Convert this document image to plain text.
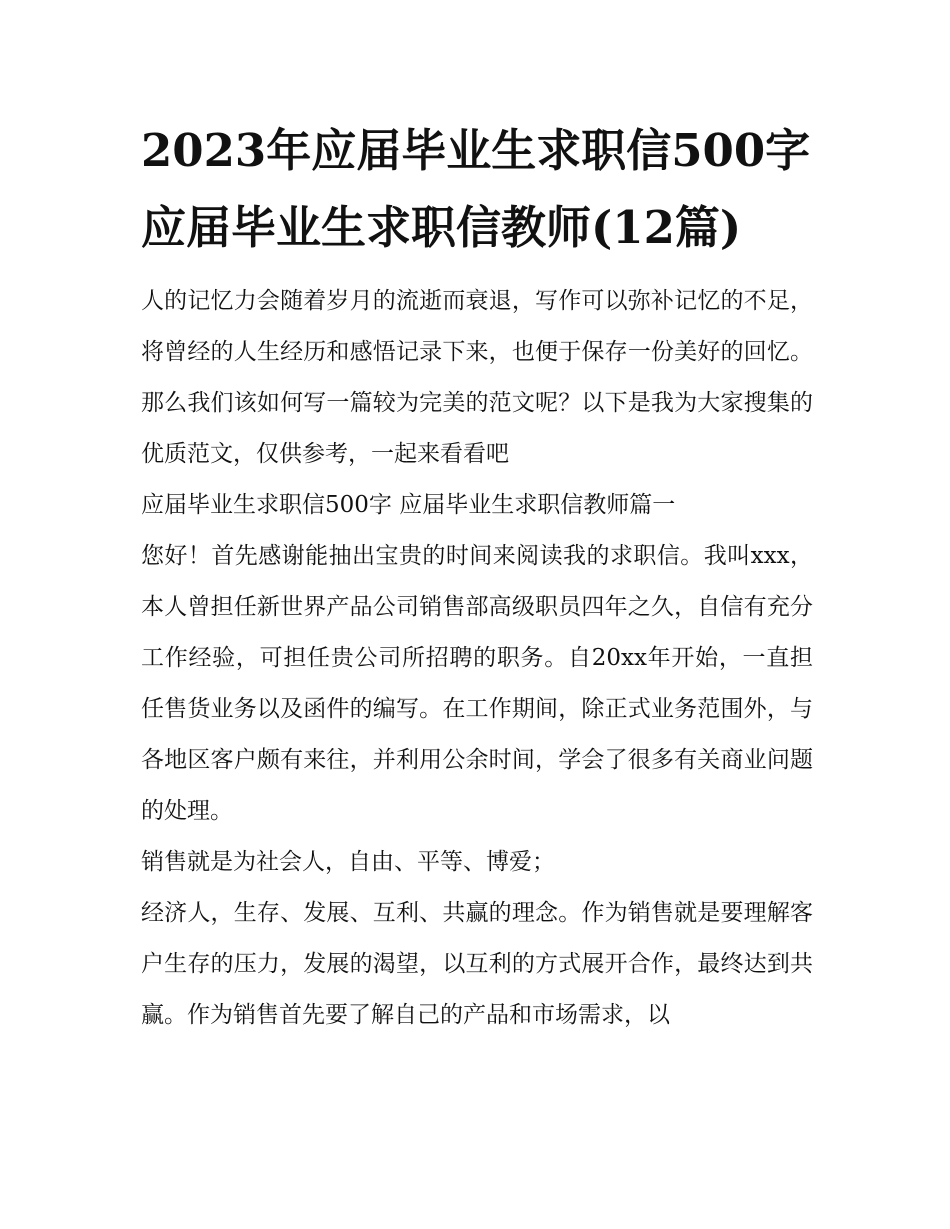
2023年应届毕业生求职信500字 应届毕业生求职信教师(12篇)

人的记忆力会随着岁月的流逝而衰退，写作可以弥补记忆的不足，将曾经的人生经历和感悟记录下来，也便于保存一份美好的回忆。那么我们该如何写一篇较为完美的范文呢？以下是我为大家搜集的优质范文，仅供参考，一起来看看吧

应届毕业生求职信500字 应届毕业生求职信教师篇一

您好！首先感谢能抽出宝贵的时间来阅读我的求职信。我叫xxx，本人曾担任新世界产品公司销售部高级职员四年之久，自信有充分工作经验，可担任贵公司所招聘的职务。自20xx年开始，一直担任售货业务以及函件的编写。在工作期间，除正式业务范围外，与各地区客户颇有来往，并利用公余时间，学会了很多有关商业问题的处理。

销售就是为社会人，自由、平等、博爱；

经济人，生存、发展、互利、共赢的理念。作为销售就是要理解客户生存的压力，发展的渴望，以互利的方式展开合作，最终达到共赢。作为销售首先要了解自己的产品和市场需求，以
